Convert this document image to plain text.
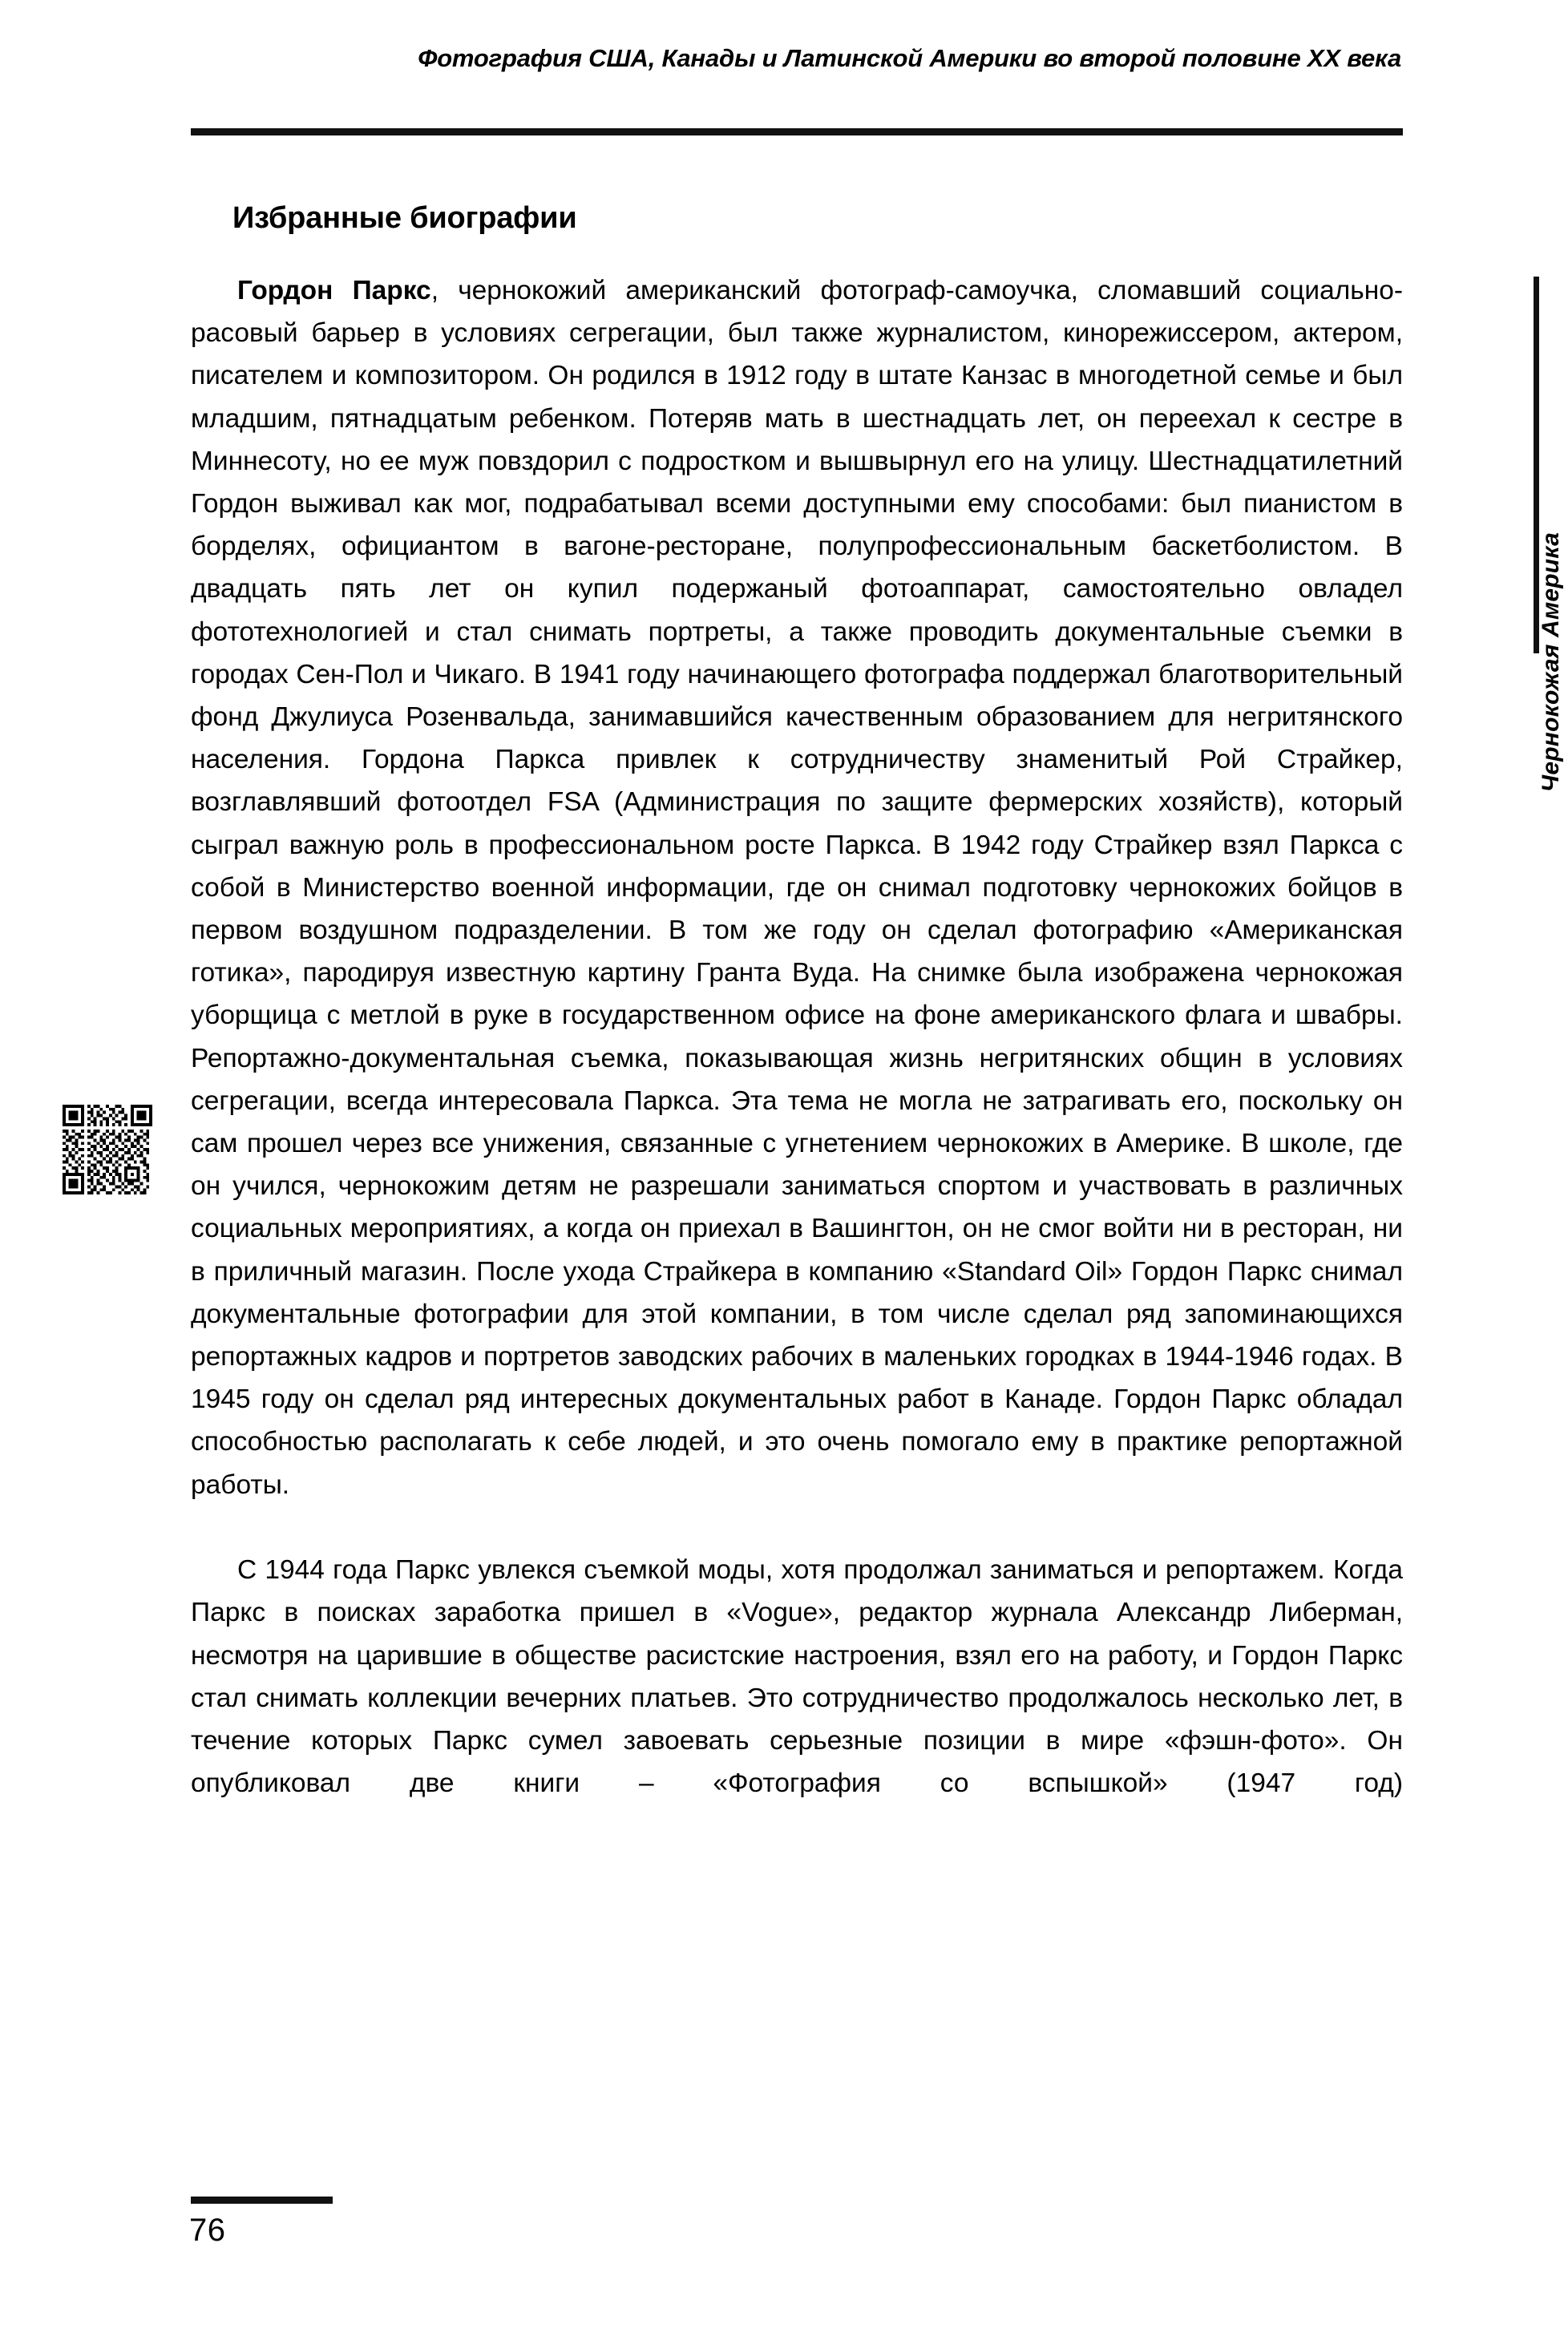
Фотография США, Канады и Латинской Америки во второй половине XX века
Чернокожая Америка
Избранные биографии

Гордон Паркс, чернокожий американский фотограф-самоучка, сломавший социально-расовый барьер в условиях сегрегации, был также журналистом, кинорежиссером, актером, писателем и композитором. Он родился в 1912 году в штате Канзас в многодетной семье и был младшим, пятнадцатым ребенком. Потеряв мать в шестнадцать лет, он переехал к сестре в Миннесоту, но ее муж повздорил с подростком и вышвырнул его на улицу. Шестнадцатилетний Гордон выживал как мог, подрабатывал всеми доступными ему способами: был пианистом в борделях, официантом в вагоне-ресторане, полупрофессиональным баскетболистом. В двадцать пять лет он купил подержаный фотоаппарат, самостоятельно овладел фототехнологией и стал снимать портреты, а также проводить документальные съемки в городах Сен-Пол и Чикаго. В 1941 году начинающего фотографа поддержал благотворительный фонд Джулиуса Розенвальда, занимавшийся качественным образованием для негритянского населения. Гордона Паркса привлек к сотрудничеству знаменитый Рой Страйкер, возглавлявший фотоотдел FSA (Администрация по защите фермерских хозяйств), который сыграл важную роль в профессиональном росте Паркса. В 1942 году Страйкер взял Паркса с собой в Министерство военной информации, где он снимал подготовку чернокожих бойцов в первом воздушном подразделении. В том же году он сделал фотографию «Американская готика», пародируя известную картину Гранта Вуда. На снимке была изображена чернокожая уборщица с метлой в руке в государственном офисе на фоне американского флага и швабры. Репортажно-документальная съемка, показывающая жизнь негритянских общин в условиях сегрегации, всегда интересовала Паркса. Эта тема не могла не затрагивать его, поскольку он сам прошел через все унижения, связанные с угнетением чернокожих в Америке. В школе, где он учился, чернокожим детям не разрешали заниматься спортом и участвовать в различных социальных мероприятиях, а когда он приехал в Вашингтон, он не смог войти ни в ресторан, ни в приличный магазин. После ухода Страйкера в компанию «Standard Oil» Гордон Паркс снимал документальные фотографии для этой компании, в том числе сделал ряд запоминающихся репортажных кадров и портретов заводских рабочих в маленьких городках в 1944-1946 годах. В 1945 году он сделал ряд интересных документальных работ в Канаде. Гордон Паркс обладал способностью располагать к себе людей, и это очень помогало ему в практике репортажной работы.

С 1944 года Паркс увлекся съемкой моды, хотя продолжал заниматься и репортажем. Когда Паркс в поисках заработка пришел в «Vogue», редактор журнала Александр Либерман, несмотря на царившие в обществе расистские настроения, взял его на работу, и Гордон Паркс стал снимать коллекции вечерних платьев. Это сотрудничество продолжалось несколько лет, в течение которых Паркс сумел завоевать серьезные позиции в мире «фэшн-фото». Он опубликовал две книги – «Фотография со вспышкой» (1947 год)

76
